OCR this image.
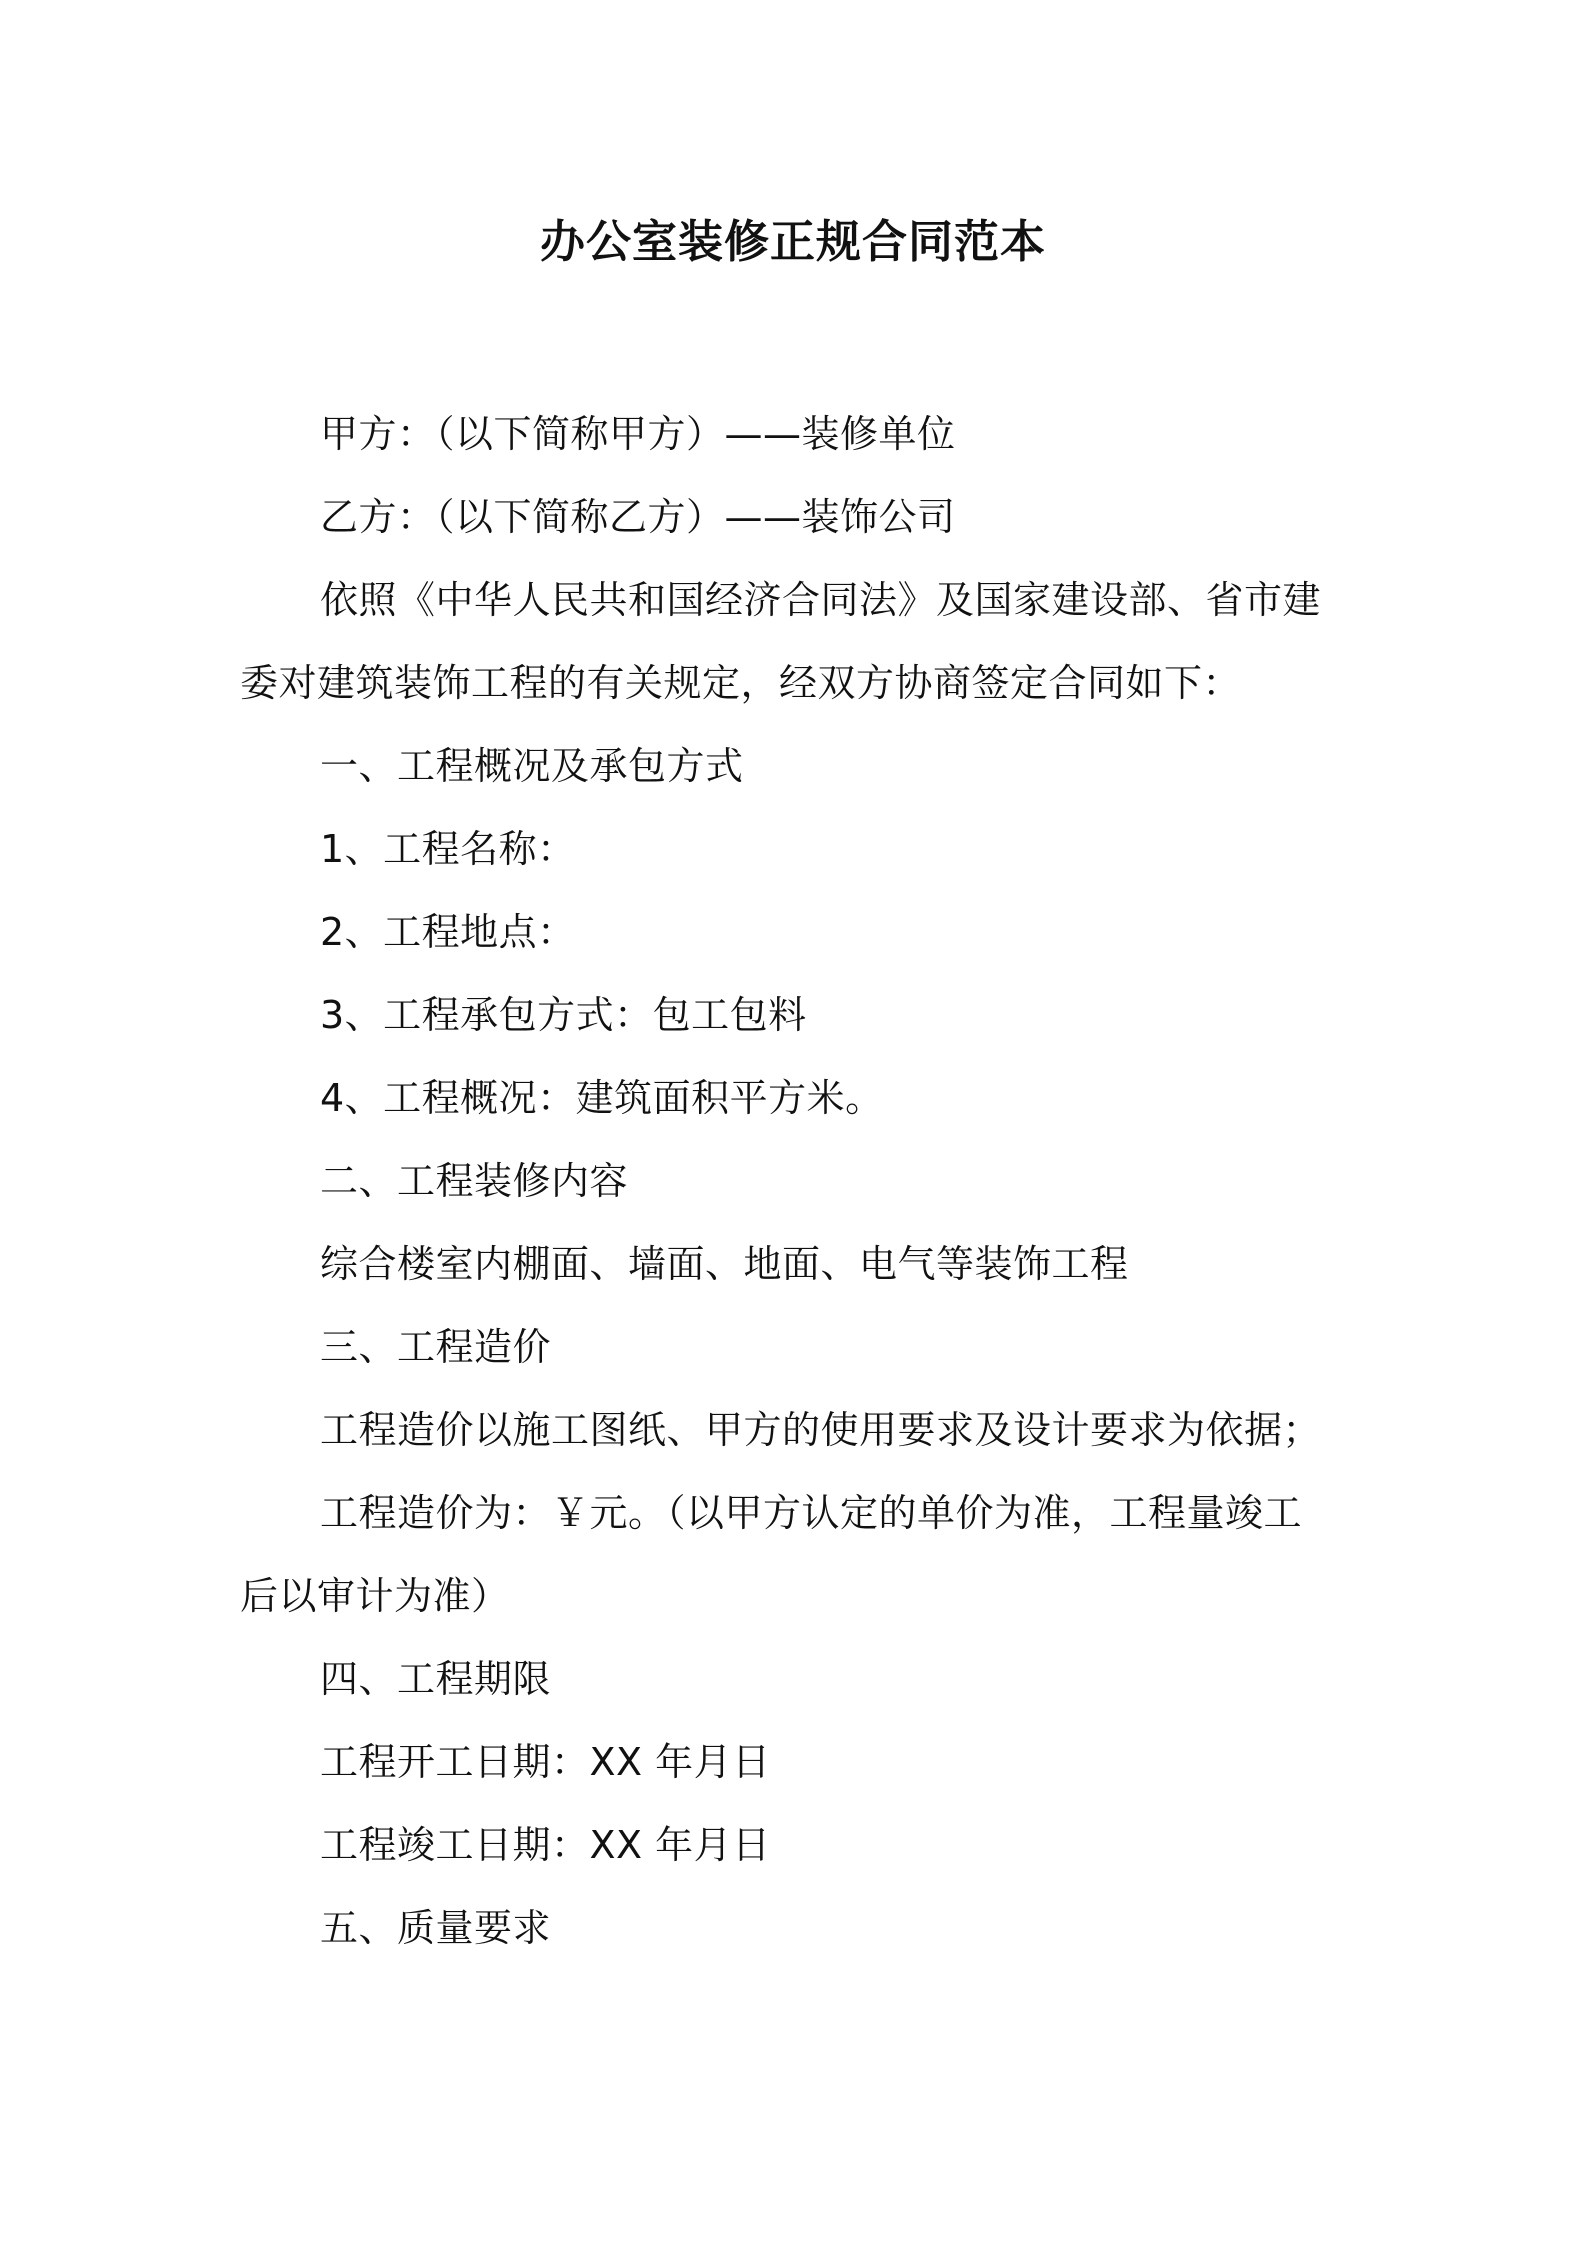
办公室装修正规合同范本
甲方：（以下简称甲方）——装修单位
乙方：（以下简称乙方）——装饰公司
依照《中华人民共和国经济合同法》及国家建设部、省市建
委对建筑装饰工程的有关规定，经双方协商签定合同如下：
一、工程概况及承包方式
1、工程名称：
2、工程地点：
3、工程承包方式：包工包料
4、工程概况：建筑面积平方米。
二、工程装修内容
综合楼室内棚面、墙面、地面、电气等装饰工程
三、工程造价
工程造价以施工图纸、甲方的使用要求及设计要求为依据；
工程造价为：￥元。（以甲方认定的单价为准，工程量竣工
后以审计为准）
四、工程期限
工程开工日期：XX 年月日
工程竣工日期：XX 年月日
五、质量要求
